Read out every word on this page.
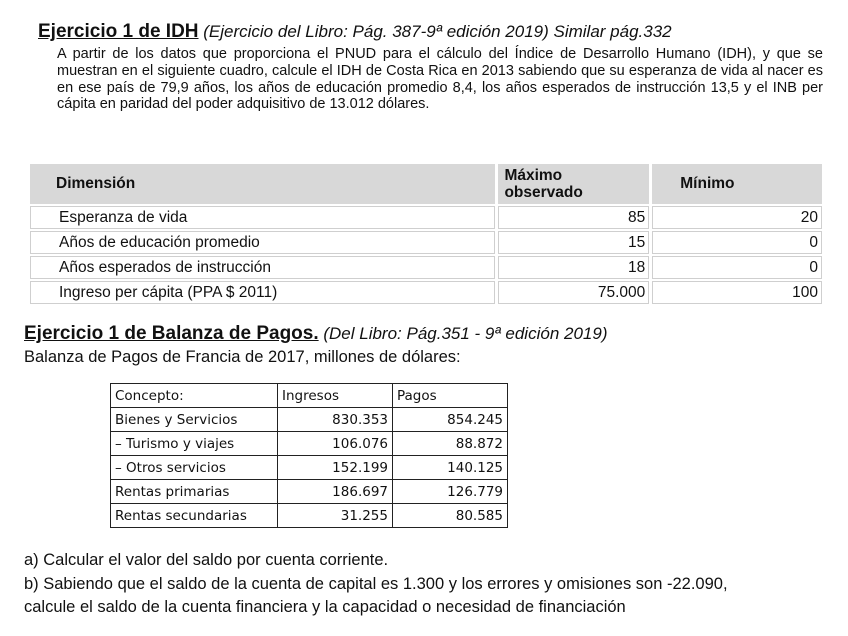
Ejercicio 1 de IDH (Ejercicio del Libro: Pág. 387-9ª edición 2019) Similar pág.332
A partir de los datos que proporciona el PNUD para el cálculo del Índice de Desarrollo Humano (IDH), y que se muestran en el siguiente cuadro, calcule el IDH de Costa Rica en 2013 sabiendo que su esperanza de vida al nacer es en ese país de 79,9 años, los años de educación promedio 8,4, los años esperados de instrucción 13,5 y el INB per cápita en paridad del poder adquisitivo de 13.012 dólares.
Dimensión	Máximo observado	Mínimo
Esperanza de vida	85	20
Años de educación promedio	15	0
Años esperados de instrucción	18	0
Ingreso per cápita (PPA $ 2011)	75.000	100
Ejercicio 1 de Balanza de Pagos. (Del Libro: Pág.351 - 9ª edición 2019)
Balanza de Pagos de Francia de 2017, millones de dólares:
Concepto:	Ingresos	Pagos
Bienes y Servicios	830.353	854.245
– Turismo y viajes	106.076	88.872
– Otros servicios	152.199	140.125
Rentas primarias	186.697	126.779
Rentas secundarias	31.255	80.585
a) Calcular el valor del saldo por cuenta corriente.
b) Sabiendo que el saldo de la cuenta de capital es 1.300 y los errores y omisiones son -22.090,
calcule el saldo de la cuenta financiera y la capacidad o necesidad de financiación
